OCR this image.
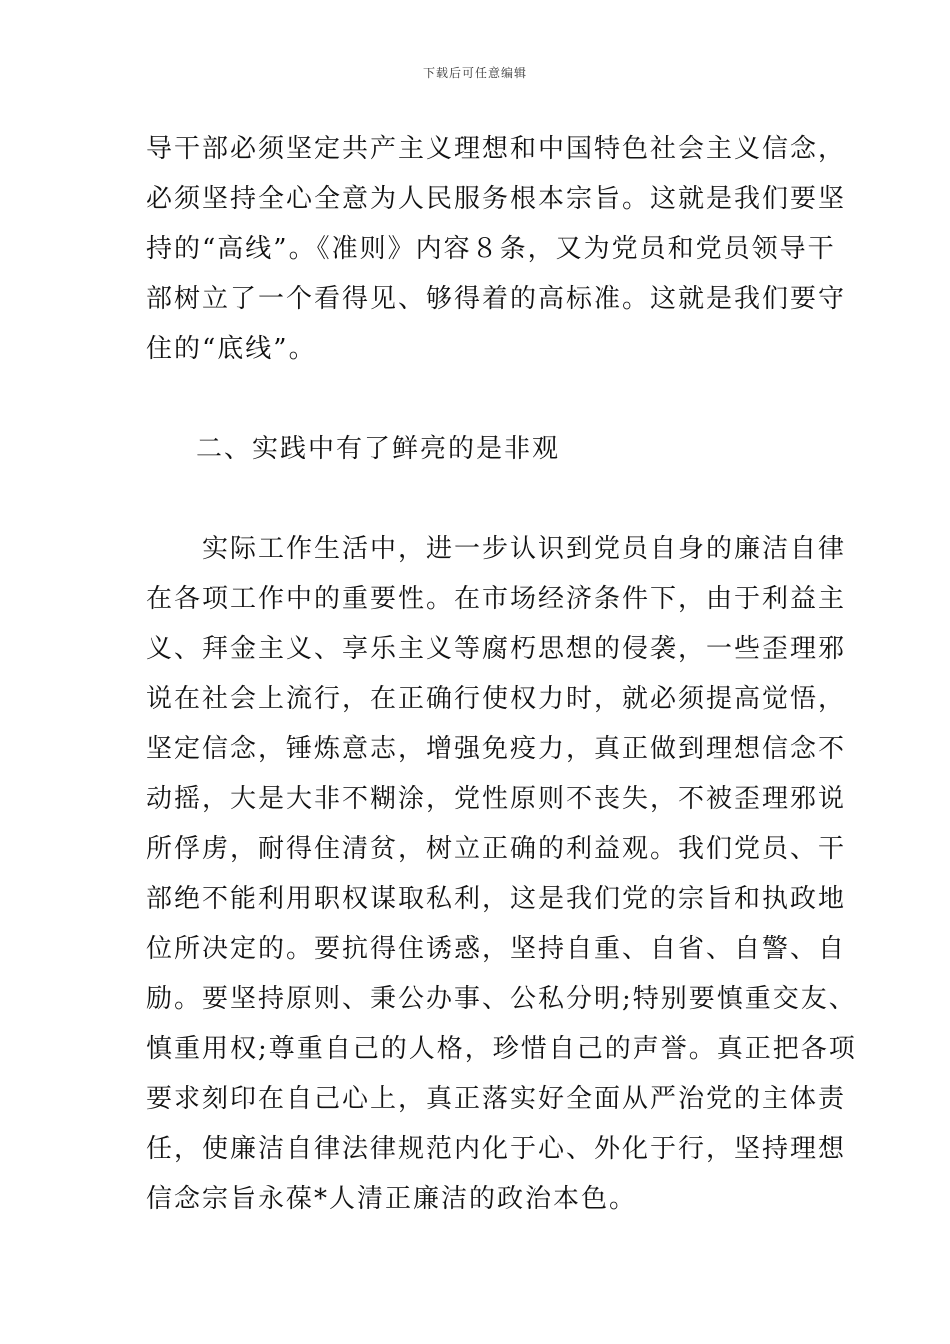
下载后可任意编辑
导干部必须坚定共产主义理想和中国特色社会主义信念，
必须坚持全心全意为人民服务根本宗旨。这就是我们要坚
持的“高线”。《准则》内容８条，又为党员和党员领导干
部树立了一个看得见、够得着的高标准。这就是我们要守
住的“底线”。
二、实践中有了鲜亮的是非观
　　实际工作生活中，进一步认识到党员自身的廉洁自律
在各项工作中的重要性。在市场经济条件下，由于利益主
义、拜金主义、享乐主义等腐朽思想的侵袭，一些歪理邪
说在社会上流行，在正确行使权力时，就必须提高觉悟，
坚定信念，锤炼意志，增强免疫力，真正做到理想信念不
动摇，大是大非不糊涂，党性原则不丧失，不被歪理邪说
所俘虏，耐得住清贫，树立正确的利益观。我们党员、干
部绝不能利用职权谋取私利，这是我们党的宗旨和执政地
位所决定的。要抗得住诱惑，坚持自重、自省、自警、自
励。要坚持原则、秉公办事、公私分明;特别要慎重交友、
慎重用权;尊重自己的人格，珍惜自己的声誉。真正把各项
要求刻印在自己心上，真正落实好全面从严治党的主体责
任，使廉洁自律法律规范内化于心、外化于行，坚持理想
信念宗旨永葆*人清正廉洁的政治本色。
